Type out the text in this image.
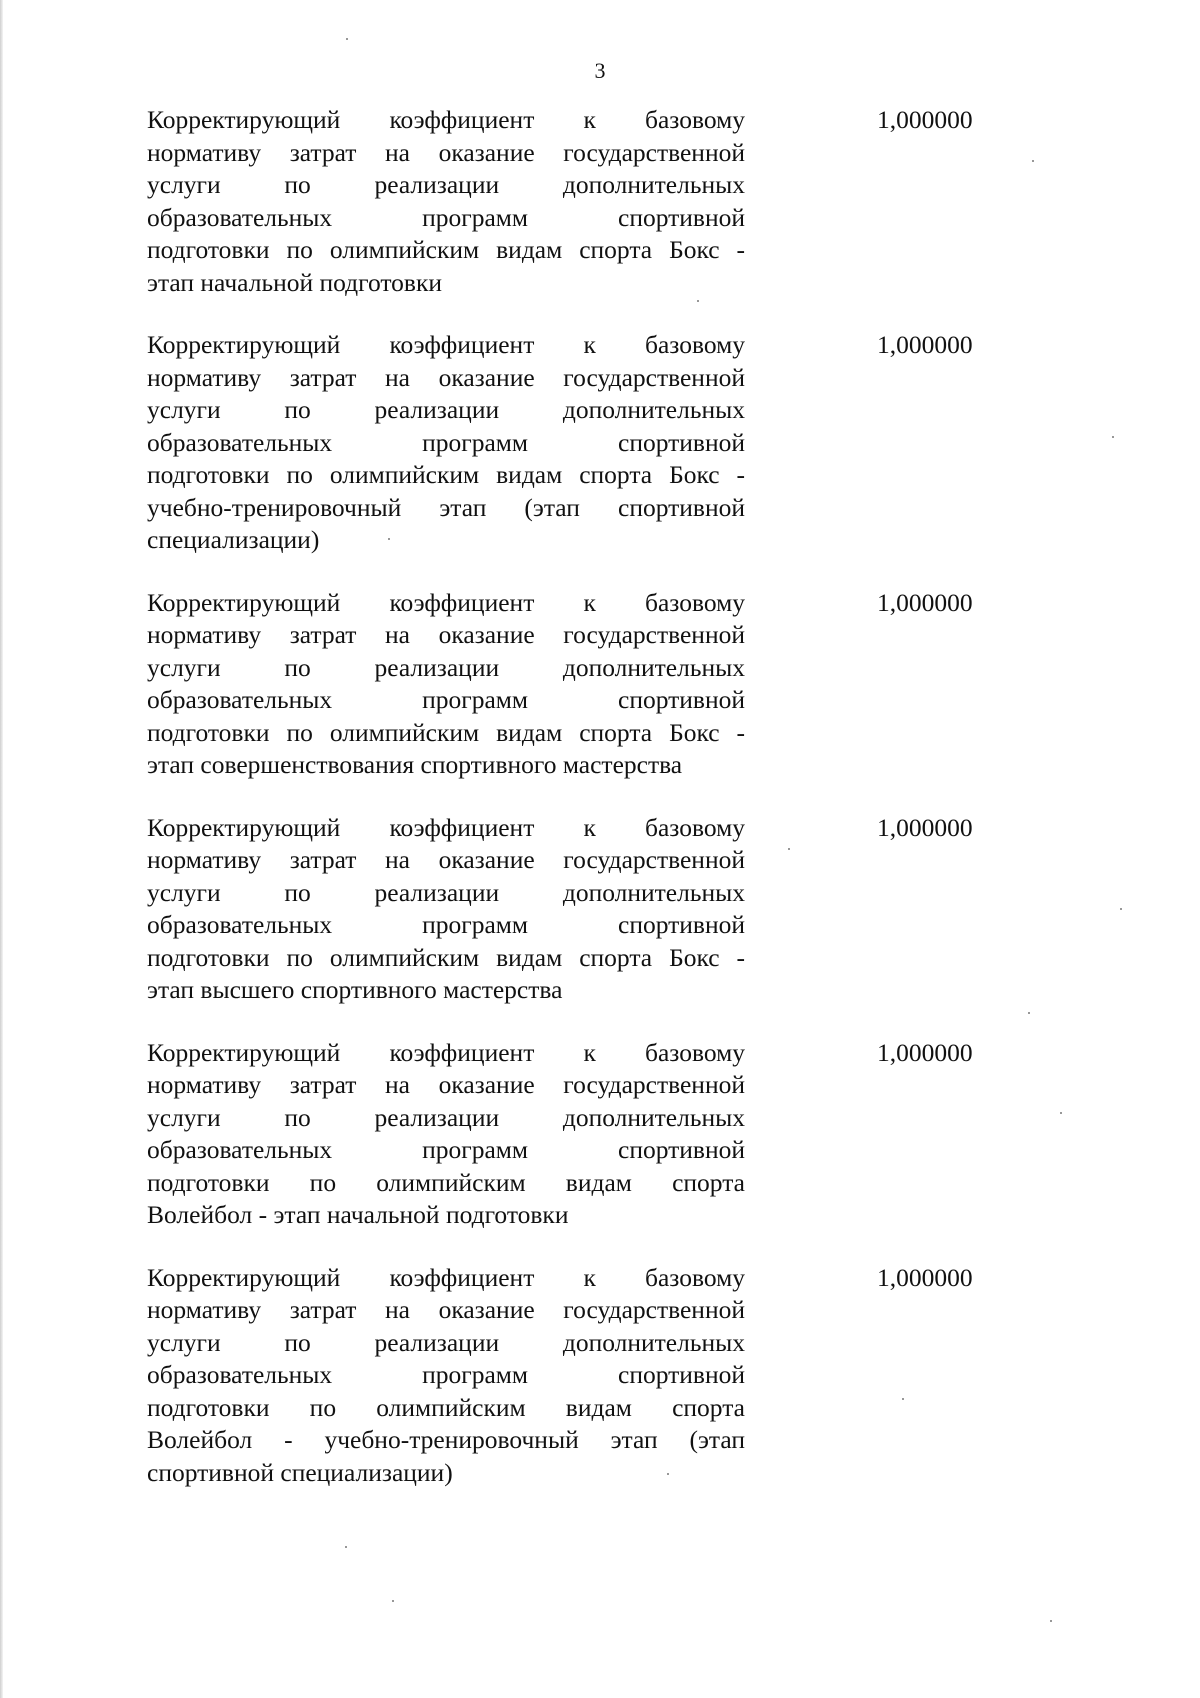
3
Корректирующий коэффициент к базовому
нормативу затрат на оказание государственной
услуги по реализации дополнительных
образовательных программ спортивной
подготовки по олимпийским видам спорта Бокс -
этап начальной подготовки
1,000000
Корректирующий коэффициент к базовому
нормативу затрат на оказание государственной
услуги по реализации дополнительных
образовательных программ спортивной
подготовки по олимпийским видам спорта Бокс -
учебно-тренировочный этап (этап спортивной
специализации)
1,000000
Корректирующий коэффициент к базовому
нормативу затрат на оказание государственной
услуги по реализации дополнительных
образовательных программ спортивной
подготовки по олимпийским видам спорта Бокс -
этап совершенствования спортивного мастерства
1,000000
Корректирующий коэффициент к базовому
нормативу затрат на оказание государственной
услуги по реализации дополнительных
образовательных программ спортивной
подготовки по олимпийским видам спорта Бокс -
этап высшего спортивного мастерства
1,000000
Корректирующий коэффициент к базовому
нормативу затрат на оказание государственной
услуги по реализации дополнительных
образовательных программ спортивной
подготовки по олимпийским видам спорта
Волейбол - этап начальной подготовки
1,000000
Корректирующий коэффициент к базовому
нормативу затрат на оказание государственной
услуги по реализации дополнительных
образовательных программ спортивной
подготовки по олимпийским видам спорта
Волейбол - учебно-тренировочный этап (этап
спортивной специализации)
1,000000
